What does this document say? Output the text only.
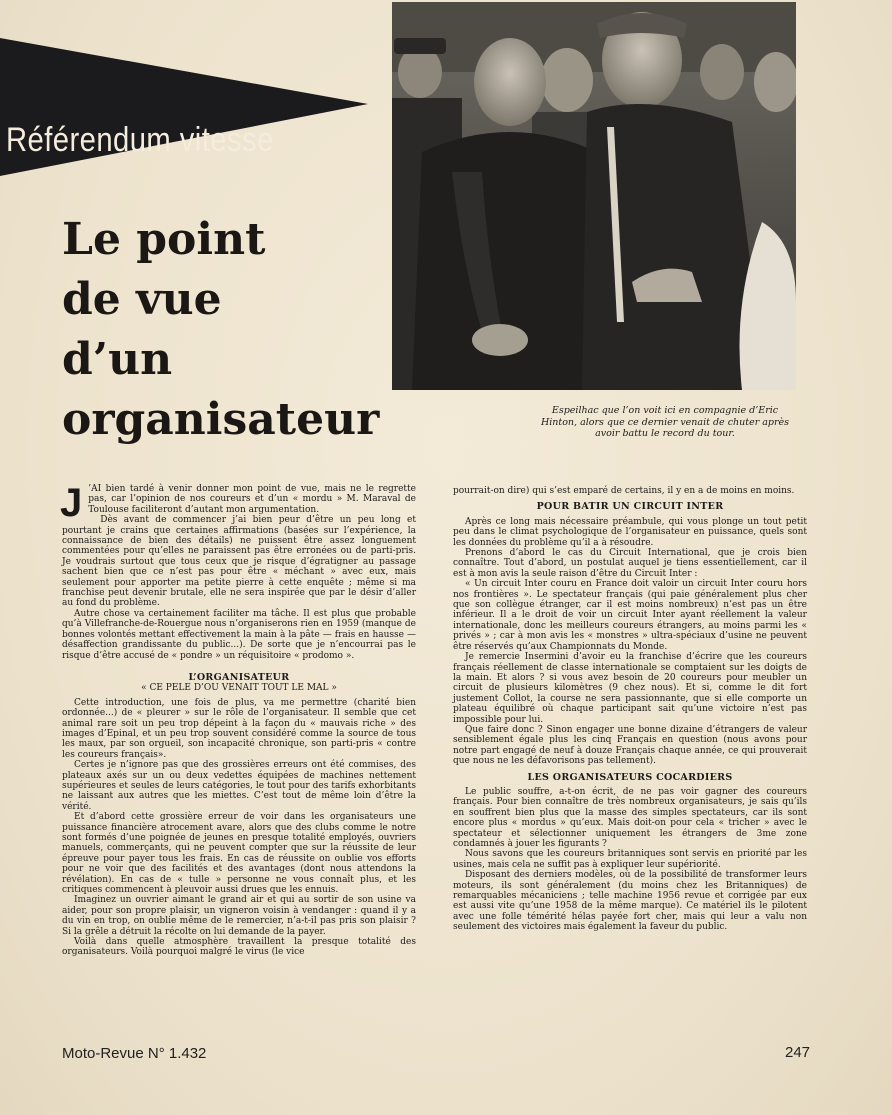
Référendum vitesse
Le point
de vue
d’un
organisateur	Espeilhac que l’on voit ici en compagnie d’Eric Hinton, alors que ce dernier venait de chuter après avoir battu le record du tour.
J ’AI bien tardé à venir donner mon point de vue, mais ne le regrette pas, car l’opinion de nos coureurs et d’un « mordu » M. Maraval de Toulouse faciliteront d’autant mon argumentation.

Dès avant de commencer j’ai bien peur d’être un peu long et pourtant je crains que certaines affirmations (basées sur l’expérience, la connaissance de bien des détails) ne puissent être assez longuement commentées pour qu’elles ne paraissent pas être erronées ou de parti-pris. Je voudrais surtout que tous ceux que je risque d’égratigner au passage sachent bien que ce n’est pas pour être « méchant » avec eux, mais seulement pour apporter ma petite pierre à cette enquête ; même si ma franchise peut devenir brutale, elle ne sera inspirée que par le désir d’aller au fond du problème.

Autre chose va certainement faciliter ma tâche. Il est plus que probable qu’à Villefranche-de-Rouergue nous n’organiserons rien en 1959 (manque de bonnes volontés mettant effectivement la main à la pâte — frais en hausse — désaffection grandissante du public...). De sorte que je n’encourrai pas le risque d’être accusé de « pondre » un réquisitoire « prodomo ».

L’ORGANISATEUR

« CE PELE D’OU VENAIT TOUT LE MAL »

Cette introduction, une fois de plus, va me permettre (charité bien ordonnée...) de « pleurer » sur le rôle de l’organisateur. Il semble que cet animal rare soit un peu trop dépeint à la façon du « mauvais riche » des images d’Epinal, et un peu trop souvent considéré comme la source de tous les maux, par son orgueil, son incapacité chronique, son parti-pris « contre les coureurs français».

Certes je n’ignore pas que des grossières erreurs ont été commises, des plateaux axés sur un ou deux vedettes équipées de machines nettement supérieures et seules de leurs catégories, le tout pour des tarifs exhorbitants ne laissant aux autres que les miettes. C’est tout de même loin d’être la vérité.

Et d’abord cette grossière erreur de voir dans les organisateurs une puissance financière atrocement avare, alors que des clubs comme le notre sont formés d’une poignée de jeunes en presque totalité employés, ouvriers manuels, commerçants, qui ne peuvent compter que sur la réussite de leur épreuve pour payer tous les frais. En cas de réussite on oublie vos efforts pour ne voir que des facilités et des avantages (dont nous attendons la révélation). En cas de « tulle » personne ne vous connaît plus, et les critiques commencent à pleuvoir aussi drues que les ennuis.

Imaginez un ouvrier aimant le grand air et qui au sortir de son usine va aider, pour son propre plaisir, un vigneron voisin à vendanger : quand il y a du vin en trop, on oublie même de le remercier, n’a-t-il pas pris son plaisir ? Si la grêle a détruit la récolte on lui demande de la payer.

Voilà dans quelle atmosphère travaillent la presque totalité des organisateurs. Voilà pourquoi malgré le virus (le vice

pourrait-on dire) qui s’est emparé de certains, il y en a de moins en moins.

POUR BATIR UN CIRCUIT INTER

Après ce long mais nécessaire préambule, qui vous plonge un tout petit peu dans le climat psychologique de l’organisateur en puissance, quels sont les données du problème qu’il a à résoudre.

Prenons d’abord le cas du Circuit International, que je crois bien connaître. Tout d’abord, un postulat auquel je tiens essentiellement, car il est à mon avis la seule raison d’être du Circuit Inter :

« Un circuit Inter couru en France doit valoir un circuit Inter couru hors nos frontières ». Le spectateur français (qui paie généralement plus cher que son collègue étranger, car il est moins nombreux) n’est pas un être inférieur. Il a le droit de voir un circuit Inter ayant réellement la valeur internationale, donc les meilleurs coureurs étrangers, au moins parmi les « privés » ; car à mon avis les « monstres » ultra-spéciaux d’usine ne peuvent être réservés qu’aux Championnats du Monde.

Je remercie Insermini d’avoir eu la franchise d’écrire que les coureurs français réellement de classe internationale se comptaient sur les doigts de la main. Et alors ? si vous avez besoin de 20 coureurs pour meubler un circuit de plusieurs kilomètres (9 chez nous). Et si, comme le dit fort justement Collot, la course ne sera passionnante, que si elle comporte un plateau équilibré où chaque participant sait qu’une victoire n’est pas impossible pour lui.

Que faire donc ? Sinon engager une bonne dizaine d’étrangers de valeur sensiblement égale plus les cinq Français en question (nous avons pour notre part engagé de neuf à douze Français chaque année, ce qui prouverait que nous ne les défavorisons pas tellement).

LES ORGANISATEURS COCARDIERS

Le public souffre, a-t-on écrit, de ne pas voir gagner des coureurs français. Pour bien connaître de très nombreux organisateurs, je sais qu’ils en souffrent bien plus que la masse des simples spectateurs, car ils sont encore plus « mordus » qu’eux. Mais doit-on pour cela « tricher » avec le spectateur et sélectionner uniquement les étrangers de 3me zone condamnés à jouer les figurants ?

Nous savons que les coureurs britanniques sont servis en priorité par les usines, mais cela ne suffit pas à expliquer leur supériorité.

Disposant des derniers modèles, où de la possibilité de transformer leurs moteurs, ils sont généralement (du moins chez les Britanniques) de remarquables mécaniciens ; telle machine 1956 revue et corrigée par eux est aussi vite qu’une 1958 de la même marque). Ce matériel ils le pilotent avec une folle témérité hélas payée fort cher, mais qui leur a valu non seulement des victoires mais également la faveur du public.

Moto-Revue N° 1.432	247
